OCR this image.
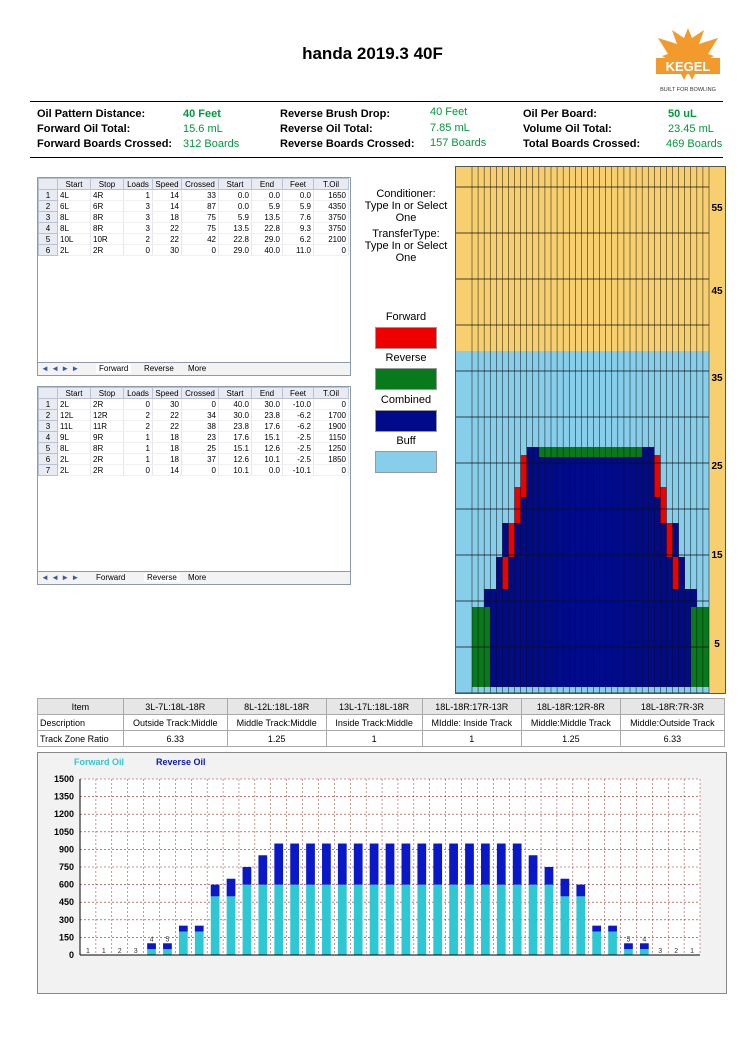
handa 2019.3 40F
KEGEL
BUILT FOR BOWLING
Oil Pattern Distance:	40 Feet	Reverse Brush Drop:	40 Feet	Oil Per Board:	50 uL
Forward Oil Total:	15.6 mL	Reverse Oil Total:	7.85 mL	Volume Oil Total:	23.45 mL
Forward Boards Crossed: 312 Boards	Reverse Boards Crossed: 157 Boards	Total Boards Crossed: 469 Boards
	Start	Stop	Loads	Speed	Crossed	Start	End	Feet	T.Oil
1	4L	4R	1	14	33	0.0	0.0	0.0	1650
2	6L	6R	3	14	87	0.0	5.9	5.9	4350
3	8L	8R	3	18	75	5.9	13.5	7.6	3750
4	8L	8R	3	22	75	13.5	22.8	9.3	3750
5	10L	10R	2	22	42	22.8	29.0	6.2	2100
6	2L	2R	0	30	0	29.0	40.0	11.0	0
◄ ◄ ► ►	Forward	Reverse More
	Start	Stop	Loads	Speed	Crossed	Start	End	Feet	T.Oil
1	2L	2R	0	30	0	40.0	30.0	-10.0	0
2	12L	12R	2	22	34	30.0	23.8	-6.2	1700
3	11L	11R	2	22	38	23.8	17.6	-6.2	1900
4	9L	9R	1	18	23	17.6	15.1	-2.5	1150
5	8L	8R	1	18	25	15.1	12.6	-2.5	1250
6	2L	2R	1	18	37	12.6	10.1	-2.5	1850
7	2L	2R	0	14	0	10.1	0.0	-10.1	0
◄ ◄ ► ► Forward	Reverse	More
Conditioner:
Type In or Select
One
TransferType:
Type In or Select
One
Forward
Reverse
Combined
Buff
55
45
35
25
15
5
Item	3L-7L:18L-18R	8L-12L:18L-18R	13L-17L:18L-18R	18L-18R:17R-13R	18L-18R:12R-8R	18L-18R:7R-3R
Description	Outside Track:Middle	Middle Track:Middle	Inside Track:Middle	MIddle: Inside Track	Middle:Middle Track	Middle:Outside Track
Track Zone Ratio	6.33	1.25	1	1	1.25	6.33
0
150
300
450
600
750
900
1050
1200
1350
1500
1 1 2 3
4 5	5 4
3 2 1
Forward Oil	Reverse Oil
